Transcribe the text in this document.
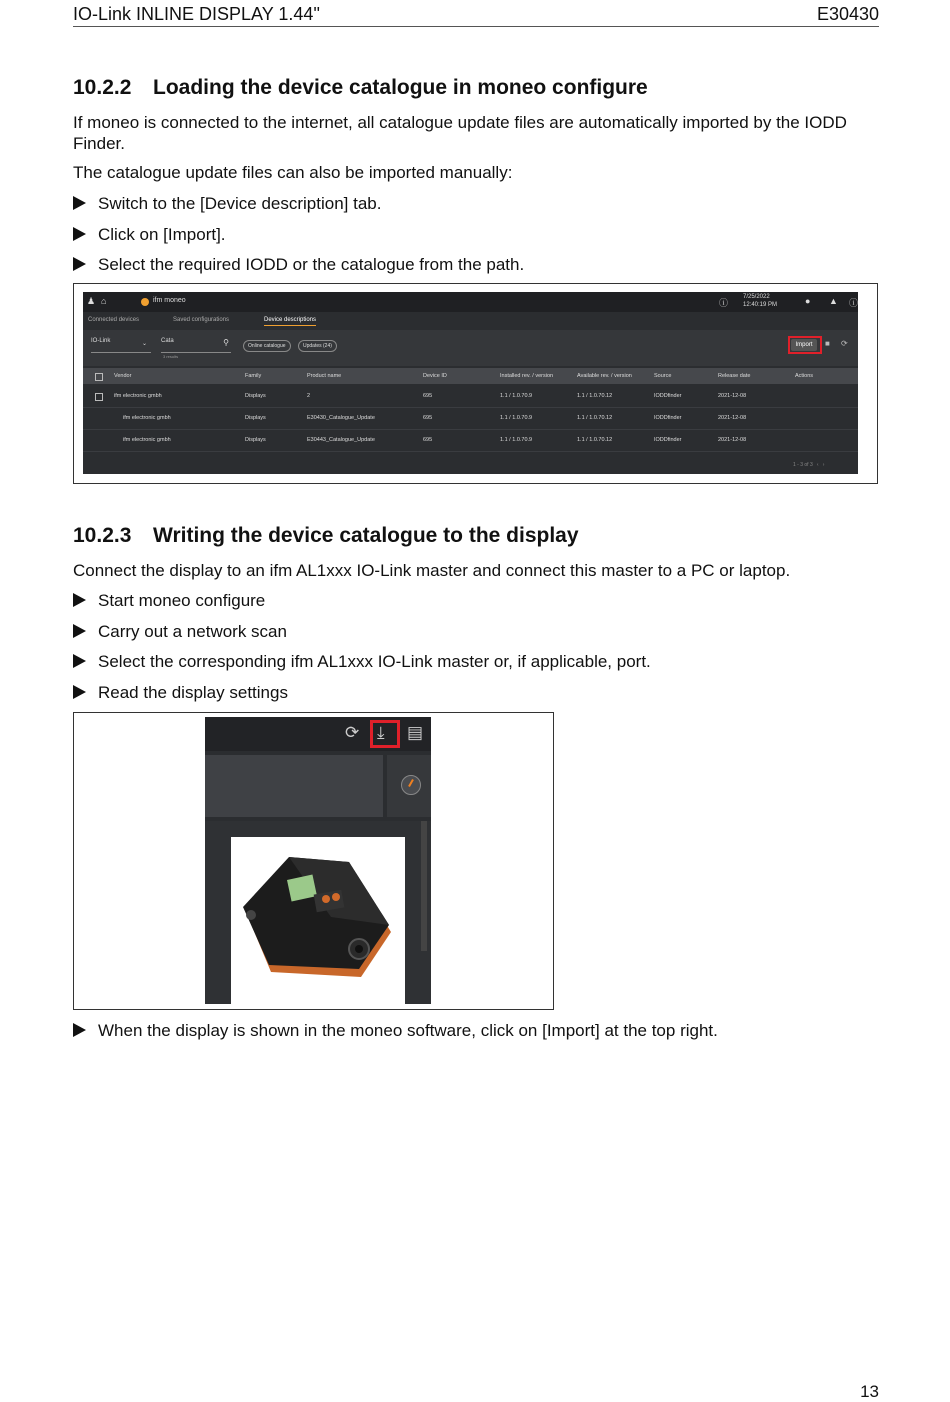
IO-Link INLINE DISPLAY 1.44"	E30430
10.2.2 Loading the device catalogue in moneo configure

If moneo is connected to the internet, all catalogue update files are automatically imported by the IODD Finder.

The catalogue update files can also be imported manually:

Switch to the [Device description] tab.
Click on [Import].
Select the required IODD or the catalogue from the path.
♟ ⌂	ifm moneo	ⓘ
7/25/2022
12:40:19 PM	● ▲ ⓘ
Connected devices	Saved configurations	Device descriptions
IO-Link	⌄ Cata	⚲
3 results
Online catalogue	Updates (24)	Import	■ ⟳
Vendor	Family	Product name	Device ID	Installed rev. / version	Available rev. / version	Source	Release date	Actions
ifm electronic gmbh	Displays	2	695	1.1 / 1.0.70.9	1.1 / 1.0.70.12	IODDfinder	2021-12-08
ifm electronic gmbh	Displays	E30430_Catalogue_Update	695	1.1 / 1.0.70.9	1.1 / 1.0.70.12	IODDfinder	2021-12-08
ifm electronic gmbh	Displays	E30443_Catalogue_Update	695	1.1 / 1.0.70.9	1.1 / 1.0.70.12	IODDfinder	2021-12-08
1 - 3 of 3   ‹   ›
10.2.3 Writing the device catalogue to the display

Connect the display to an ifm AL1xxx IO-Link master and connect this master to a PC or laptop.

Start moneo configure
Carry out a network scan
Select the corresponding ifm AL1xxx IO-Link master or, if applicable, port.
Read the display settings
⟳ ⤓ ▤
When the display is shown in the moneo software, click on [Import] at the top right.
13
